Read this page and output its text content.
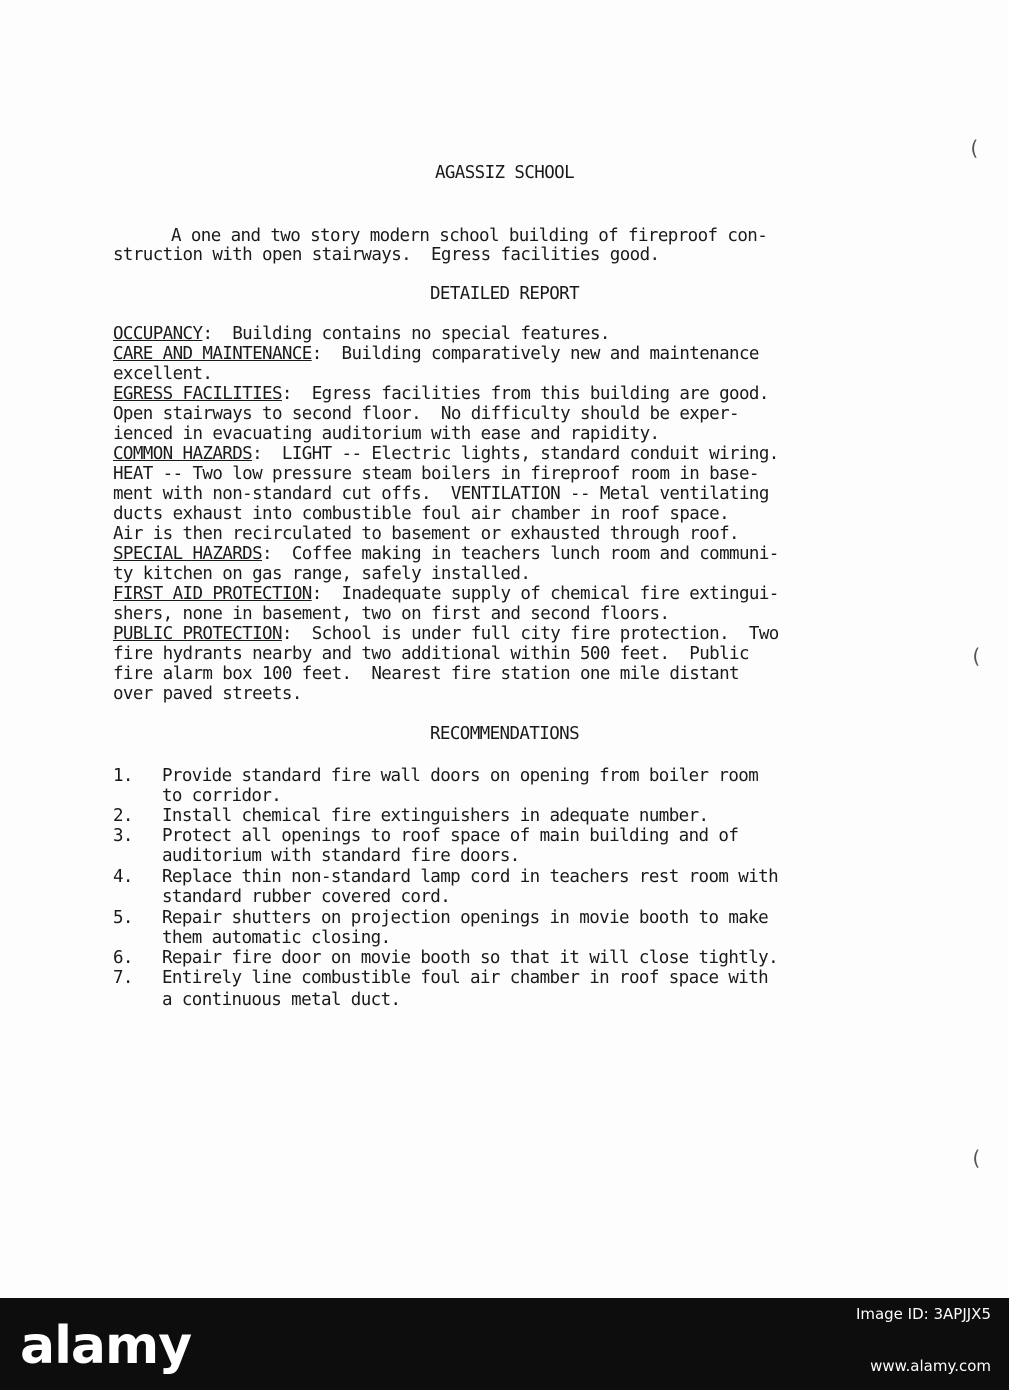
AGASSIZ SCHOOL
A one and two story modern school building of fireproof con-
struction with open stairways.  Egress facilities good.
DETAILED REPORT
OCCUPANCY:  Building contains no special features.
CARE AND MAINTENANCE:  Building comparatively new and maintenance
excellent.
EGRESS FACILITIES:  Egress facilities from this building are good.
Open stairways to second floor.  No difficulty should be exper-
ienced in evacuating auditorium with ease and rapidity.
COMMON HAZARDS:  LIGHT -- Electric lights, standard conduit wiring.
HEAT -- Two low pressure steam boilers in fireproof room in base-
ment with non-standard cut offs.  VENTILATION -- Metal ventilating
ducts exhaust into combustible foul air chamber in roof space.
Air is then recirculated to basement or exhausted through roof.
SPECIAL HAZARDS:  Coffee making in teachers lunch room and communi-
ty kitchen on gas range, safely installed.
FIRST AID PROTECTION:  Inadequate supply of chemical fire extingui-
shers, none in basement, two on first and second floors.
PUBLIC PROTECTION:  School is under full city fire protection.  Two
fire hydrants nearby and two additional within 500 feet.  Public
fire alarm box 100 feet.  Nearest fire station one mile distant
over paved streets.
RECOMMENDATIONS
1. Provide standard fire wall doors on opening from boiler room
to corridor.
2. Install chemical fire extinguishers in adequate number.
3. Protect all openings to roof space of main building and of
auditorium with standard fire doors.
4. Replace thin non-standard lamp cord in teachers rest room with
standard rubber covered cord.
5. Repair shutters on projection openings in movie booth to make
them automatic closing.
6. Repair fire door on movie booth so that it will close tightly.
7. Entirely line combustible foul air chamber in roof space with
a continuous metal duct.
(
(
(
alamy
Image ID: 3APJJX5
www.alamy.com
